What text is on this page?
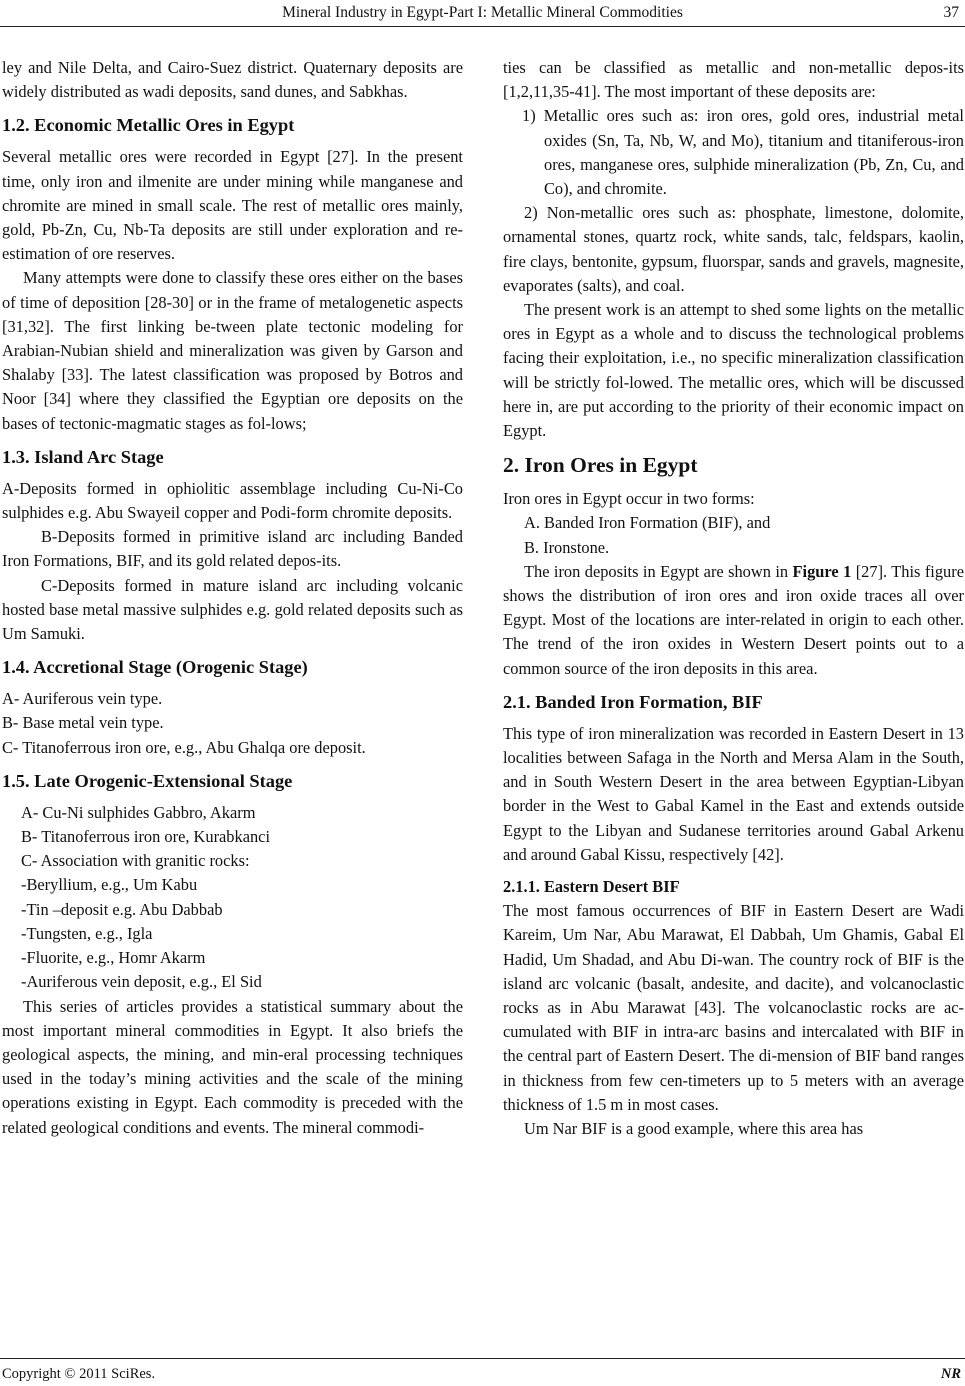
Mineral Industry in Egypt-Part I: Metallic Mineral Commodities	37

ley and Nile Delta, and Cairo-Suez district. Quaternary deposits are widely distributed as wadi deposits, sand dunes, and Sabkhas.

1.2. Economic Metallic Ores in Egypt

Several metallic ores were recorded in Egypt [27]. In the present time, only iron and ilmenite are under mining while manganese and chromite are mined in small scale. The rest of metallic ores mainly, gold, Pb-Zn, Cu, Nb-Ta deposits are still under exploration and re-estimation of ore reserves.

Many attempts were done to classify these ores either on the bases of time of deposition [28-30] or in the frame of metalogenetic aspects [31,32]. The first linking be-tween plate tectonic modeling for Arabian-Nubian shield and mineralization was given by Garson and Shalaby [33]. The latest classification was proposed by Botros and Noor [34] where they classified the Egyptian ore deposits on the bases of tectonic-magmatic stages as fol-lows;

1.3. Island Arc Stage

A-Deposits formed in ophiolitic assemblage including Cu-Ni-Co sulphides e.g. Abu Swayeil copper and Podi-form chromite deposits.

B-Deposits formed in primitive island arc including Banded Iron Formations, BIF, and its gold related depos-its.

C-Deposits formed in mature island arc including volcanic hosted base metal massive sulphides e.g. gold related deposits such as Um Samuki.

1.4. Accretional Stage (Orogenic Stage)

A- Auriferous vein type.

B- Base metal vein type.

C- Titanoferrous iron ore, e.g., Abu Ghalqa ore deposit.

1.5. Late Orogenic-Extensional Stage

A- Cu-Ni sulphides Gabbro, Akarm

B- Titanoferrous iron ore, Kurabkanci

C- Association with granitic rocks:

-Beryllium, e.g., Um Kabu

-Tin –deposit e.g. Abu Dabbab

-Tungsten, e.g., Igla

-Fluorite, e.g., Homr Akarm

-Auriferous vein deposit, e.g., El Sid

This series of articles provides a statistical summary about the most important mineral commodities in Egypt. It also briefs the geological aspects, the mining, and min-eral processing techniques used in the today’s mining activities and the scale of the mining operations existing in Egypt. Each commodity is preceded with the related geological conditions and events. The mineral commodi-

ties can be classified as metallic and non-metallic depos-its [1,2,11,35-41]. The most important of these deposits are:

1) Metallic ores such as: iron ores, gold ores, industrial metal oxides (Sn, Ta, Nb, W, and Mo), titanium and titaniferous-iron ores, manganese ores, sulphide mineralization (Pb, Zn, Cu, and Co), and chromite.

2) Non-metallic ores such as: phosphate, limestone, dolomite, ornamental stones, quartz rock, white sands, talc, feldspars, kaolin, fire clays, bentonite, gypsum, fluorspar, sands and gravels, magnesite, evaporates (salts), and coal.

The present work is an attempt to shed some lights on the metallic ores in Egypt as a whole and to discuss the technological problems facing their exploitation, i.e., no specific mineralization classification will be strictly fol-lowed. The metallic ores, which will be discussed here in, are put according to the priority of their economic impact on Egypt.

2. Iron Ores in Egypt

Iron ores in Egypt occur in two forms:

A. Banded Iron Formation (BIF), and

B. Ironstone.

The iron deposits in Egypt are shown in Figure 1 [27]. This figure shows the distribution of iron ores and iron oxide traces all over Egypt. Most of the locations are inter-related in origin to each other. The trend of the iron oxides in Western Desert points out to a common source of the iron deposits in this area.

2.1. Banded Iron Formation, BIF

This type of iron mineralization was recorded in Eastern Desert in 13 localities between Safaga in the North and Mersa Alam in the South, and in South Western Desert in the area between Egyptian-Libyan border in the West to Gabal Kamel in the East and extends outside Egypt to the Libyan and Sudanese territories around Gabal Arkenu and around Gabal Kissu, respectively [42].

2.1.1. Eastern Desert BIF

The most famous occurrences of BIF in Eastern Desert are Wadi Kareim, Um Nar, Abu Marawat, El Dabbah, Um Ghamis, Gabal El Hadid, Um Shadad, and Abu Di-wan. The country rock of BIF is the island arc volcanic (basalt, andesite, and dacite), and volcanoclastic rocks as in Abu Marawat [43]. The volcanoclastic rocks are ac-cumulated with BIF in intra-arc basins and intercalated with BIF in the central part of Eastern Desert. The di-mension of BIF band ranges in thickness from few cen-timeters up to 5 meters with an average thickness of 1.5 m in most cases.

Um Nar BIF is a good example, where this area has

Copyright © 2011 SciRes.	NR
